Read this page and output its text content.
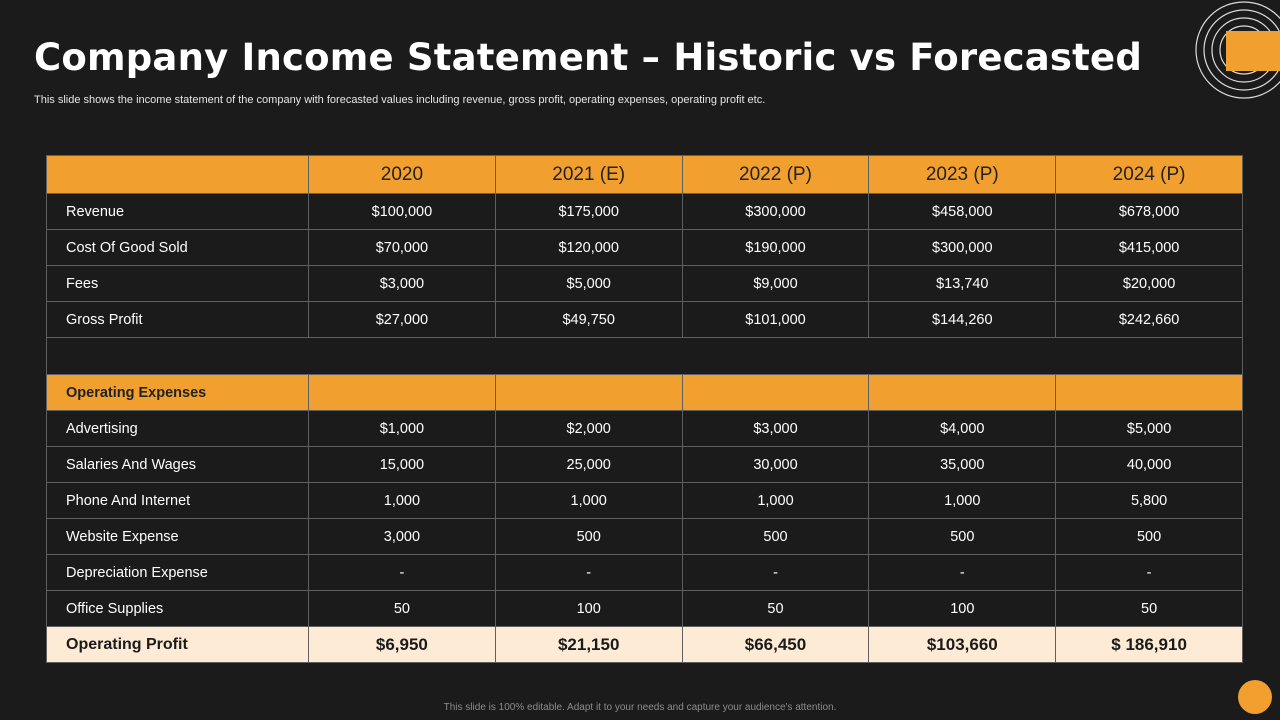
Company Income Statement – Historic vs Forecasted

This slide shows the income statement of the company with forecasted values including revenue, gross profit, operating expenses, operating profit etc.

	2020	2021 (E)	2022 (P)	2023 (P)	2024 (P)
Revenue	$100,000	$175,000	$300,000	$458,000	$678,000
Cost Of Good Sold	$70,000	$120,000	$190,000	$300,000	$415,000
Fees	$3,000	$5,000	$9,000	$13,740	$20,000
Gross Profit	$27,000	$49,750	$101,000	$144,260	$242,660

Operating Expenses					
Advertising	$1,000	$2,000	$3,000	$4,000	$5,000
Salaries And Wages	15,000	25,000	30,000	35,000	40,000
Phone And Internet	1,000	1,000	1,000	1,000	5,800
Website Expense	3,000	500	500	500	500
Depreciation Expense	-	-	-	-	-
Office Supplies	50	100	50	100	50
Operating Profit	$6,950	$21,150	$66,450	$103,660	$ 186,910

This slide is 100% editable. Adapt it to your needs and capture your audience's attention.
